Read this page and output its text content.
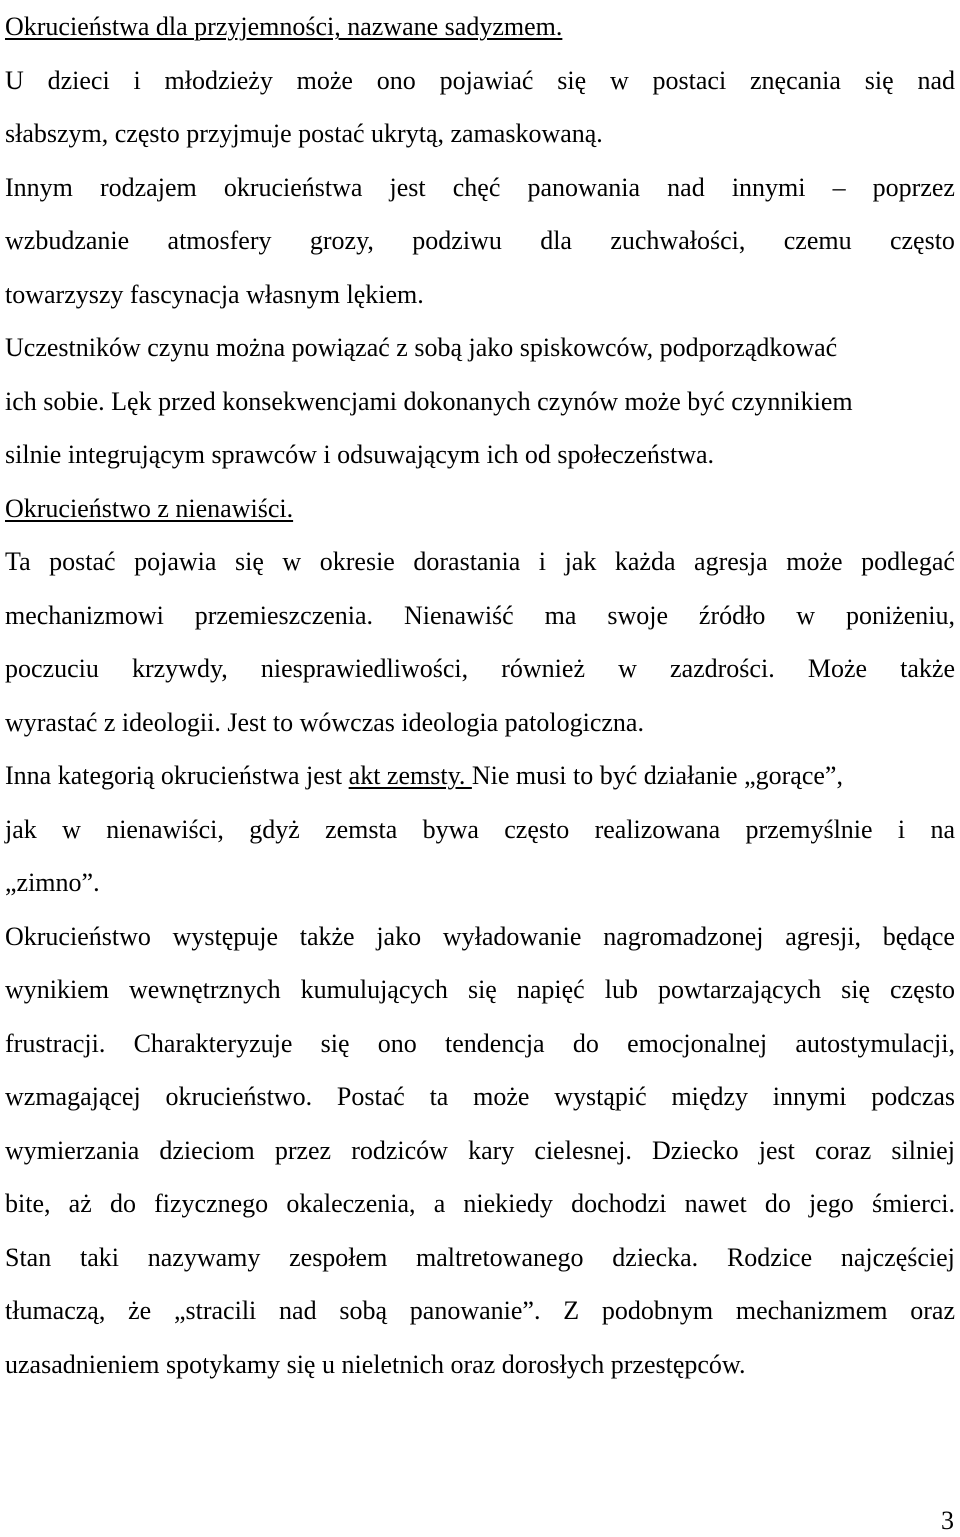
Okrucieństwa dla przyjemności, nazwane sadyzmem.
U dzieci i młodzieży może ono pojawiać się w postaci znęcania się nad
słabszym, często przyjmuje postać ukrytą, zamaskowaną.
Innym rodzajem okrucieństwa jest chęć panowania nad innymi – poprzez
wzbudzanie atmosfery grozy, podziwu dla zuchwałości, czemu często
towarzyszy fascynacja własnym lękiem.
Uczestników czynu można powiązać z sobą jako spiskowców, podporządkować
ich sobie. Lęk przed konsekwencjami dokonanych czynów może być czynnikiem
silnie integrującym sprawców i odsuwającym ich od społeczeństwa.
Okrucieństwo z nienawiści.
Ta postać pojawia się w okresie dorastania i jak każda agresja może podlegać
mechanizmowi przemieszczenia. Nienawiść ma swoje źródło w poniżeniu,
poczuciu krzywdy, niesprawiedliwości, również w zazdrości. Może także
wyrastać z ideologii. Jest to wówczas ideologia patologiczna.
Inna kategorią okrucieństwa jest akt zemsty. Nie musi to być działanie „gorące”,
jak w nienawiści, gdyż zemsta bywa często realizowana przemyślnie i na
„zimno”.
Okrucieństwo występuje także jako wyładowanie nagromadzonej agresji, będące
wynikiem wewnętrznych kumulujących się napięć lub powtarzających się często
frustracji. Charakteryzuje się ono tendencja do emocjonalnej autostymulacji,
wzmagającej okrucieństwo. Postać ta może wystąpić między innymi podczas
wymierzania dzieciom przez rodziców kary cielesnej. Dziecko jest coraz silniej
bite, aż do fizycznego okaleczenia, a niekiedy dochodzi nawet do jego śmierci.
Stan taki nazywamy zespołem maltretowanego dziecka. Rodzice najczęściej
tłumaczą, że „stracili nad sobą panowanie”. Z podobnym mechanizmem oraz
uzasadnieniem spotykamy się u nieletnich oraz dorosłych przestępców.
3
